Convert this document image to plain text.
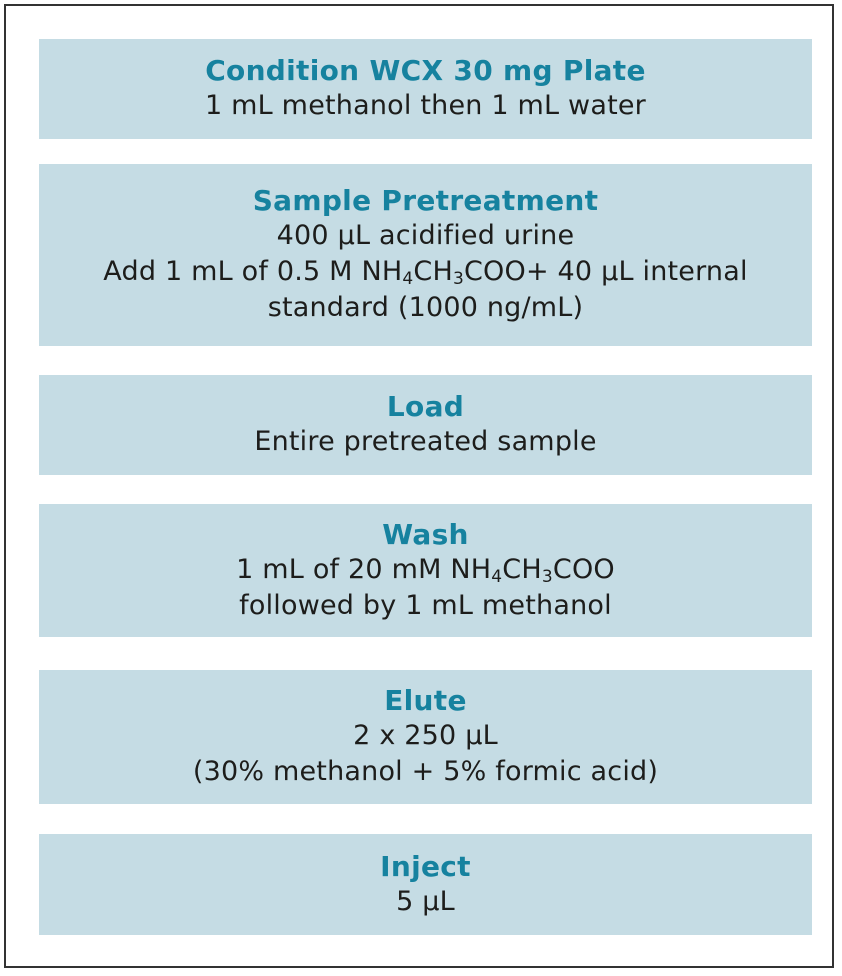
Condition WCX 30 mg Plate
1 mL methanol then 1 mL water
Sample Pretreatment
400 µL acidified urine
Add 1 mL of 0.5 M $NH_4CH_3COO+ 40$ µL internal
standard (1000 ng/mL)
Load
Entire pretreated sample
Wash
1 mL of 20 mM $NH_4CH_3COO$
followed by 1 mL methanol
Elute
2 x 250 µL
(30% methanol + 5% formic acid)
Inject
5 µL
